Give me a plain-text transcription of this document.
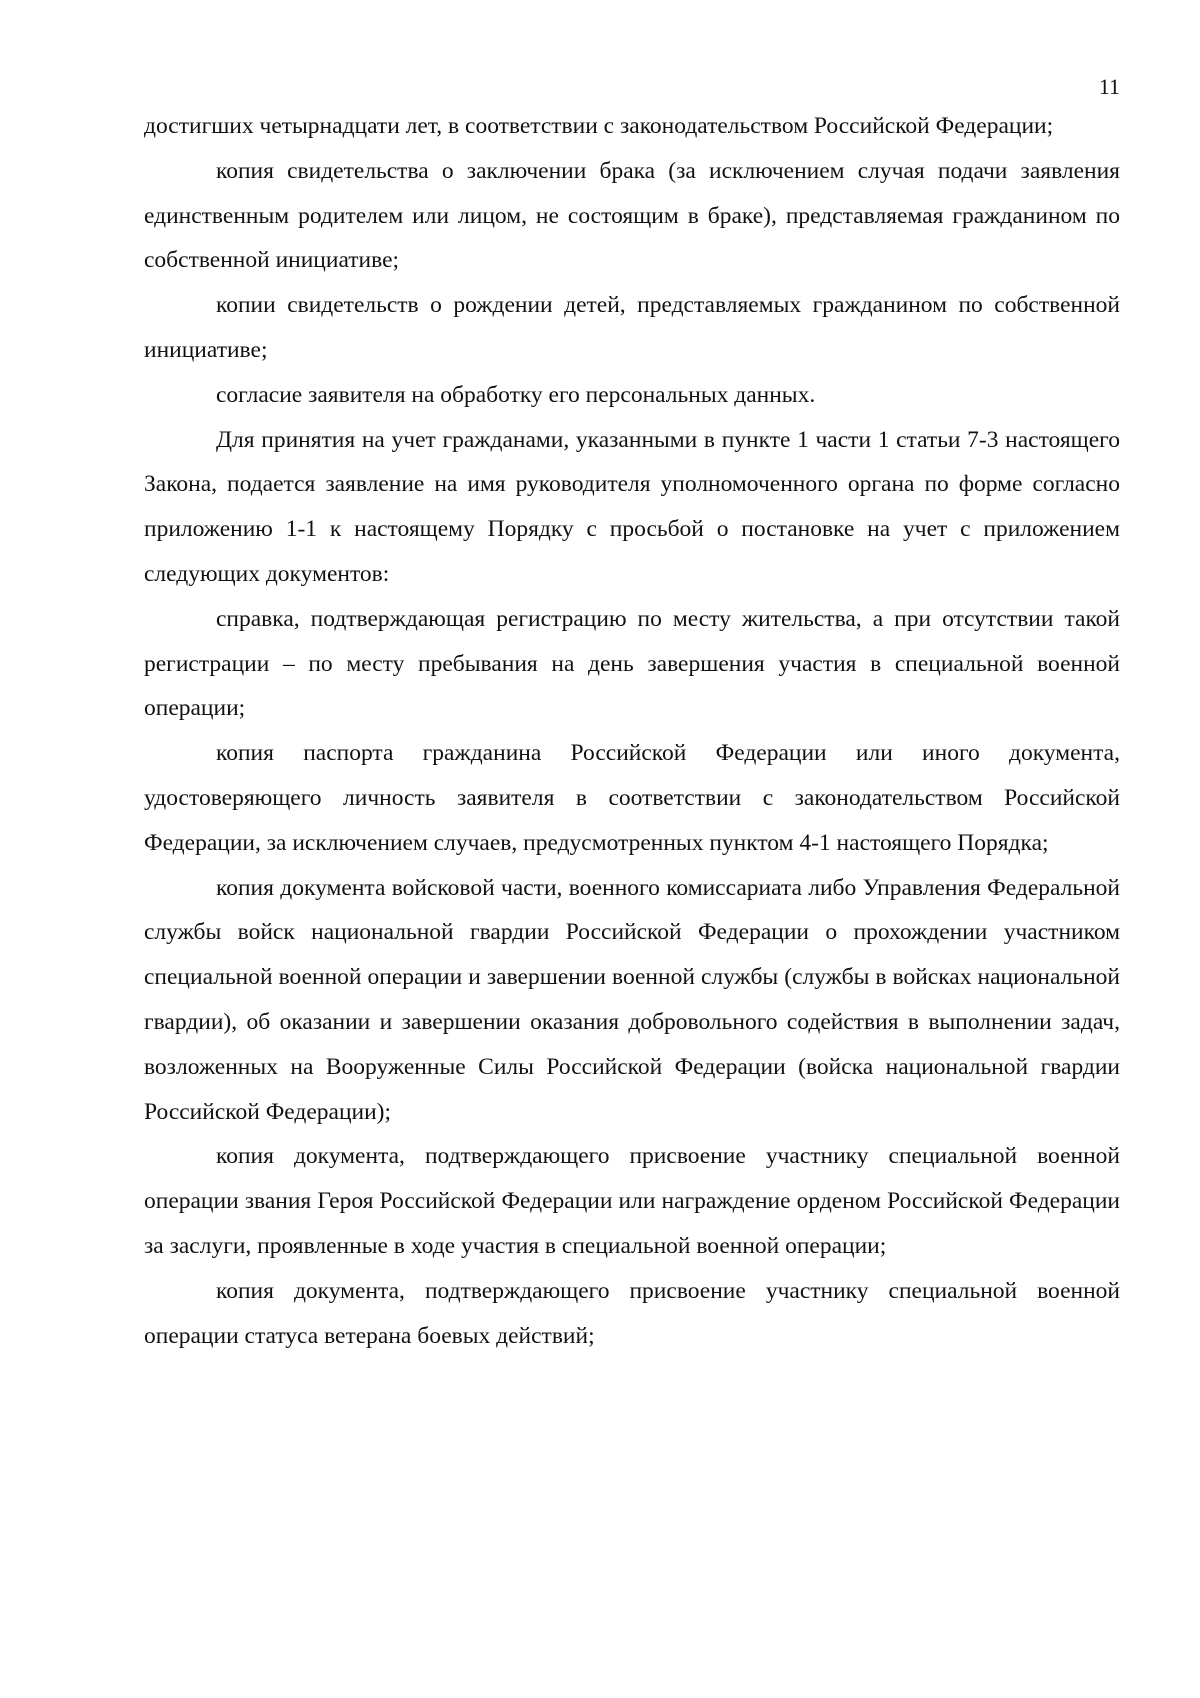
11

достигших четырнадцати лет, в соответствии с законодательством Российской Федерации;

копия свидетельства о заключении брака (за исключением случая подачи заявления единственным родителем или лицом, не состоящим в браке), представляемая гражданином по собственной инициативе;

копии свидетельств о рождении детей, представляемых гражданином по собственной инициативе;

согласие заявителя на обработку его персональных данных.

Для принятия на учет гражданами, указанными в пункте 1 части 1 статьи 7-3 настоящего Закона, подается заявление на имя руководителя уполномоченного органа по форме согласно приложению 1-1 к настоящему Порядку с просьбой о постановке на учет с приложением следующих документов:

справка, подтверждающая регистрацию по месту жительства, а при отсутствии такой регистрации – по месту пребывания на день завершения участия в специальной военной операции;

копия паспорта гражданина Российской Федерации или иного документа, удостоверяющего личность заявителя в соответствии с законодательством Российской Федерации, за исключением случаев, предусмотренных пунктом 4-1 настоящего Порядка;

копия документа войсковой части, военного комиссариата либо Управления Федеральной службы войск национальной гвардии Российской Федерации о прохождении участником специальной военной операции и завершении военной службы (службы в войсках национальной гвардии), об оказании и завершении оказания добровольного содействия в выполнении задач, возложенных на Вооруженные Силы Российской Федерации (войска национальной гвардии Российской Федерации);

копия документа, подтверждающего присвоение участнику специальной военной операции звания Героя Российской Федерации или награждение орденом Российской Федерации за заслуги, проявленные в ходе участия в специальной военной операции;

копия документа, подтверждающего присвоение участнику специальной военной операции статуса ветерана боевых действий;
